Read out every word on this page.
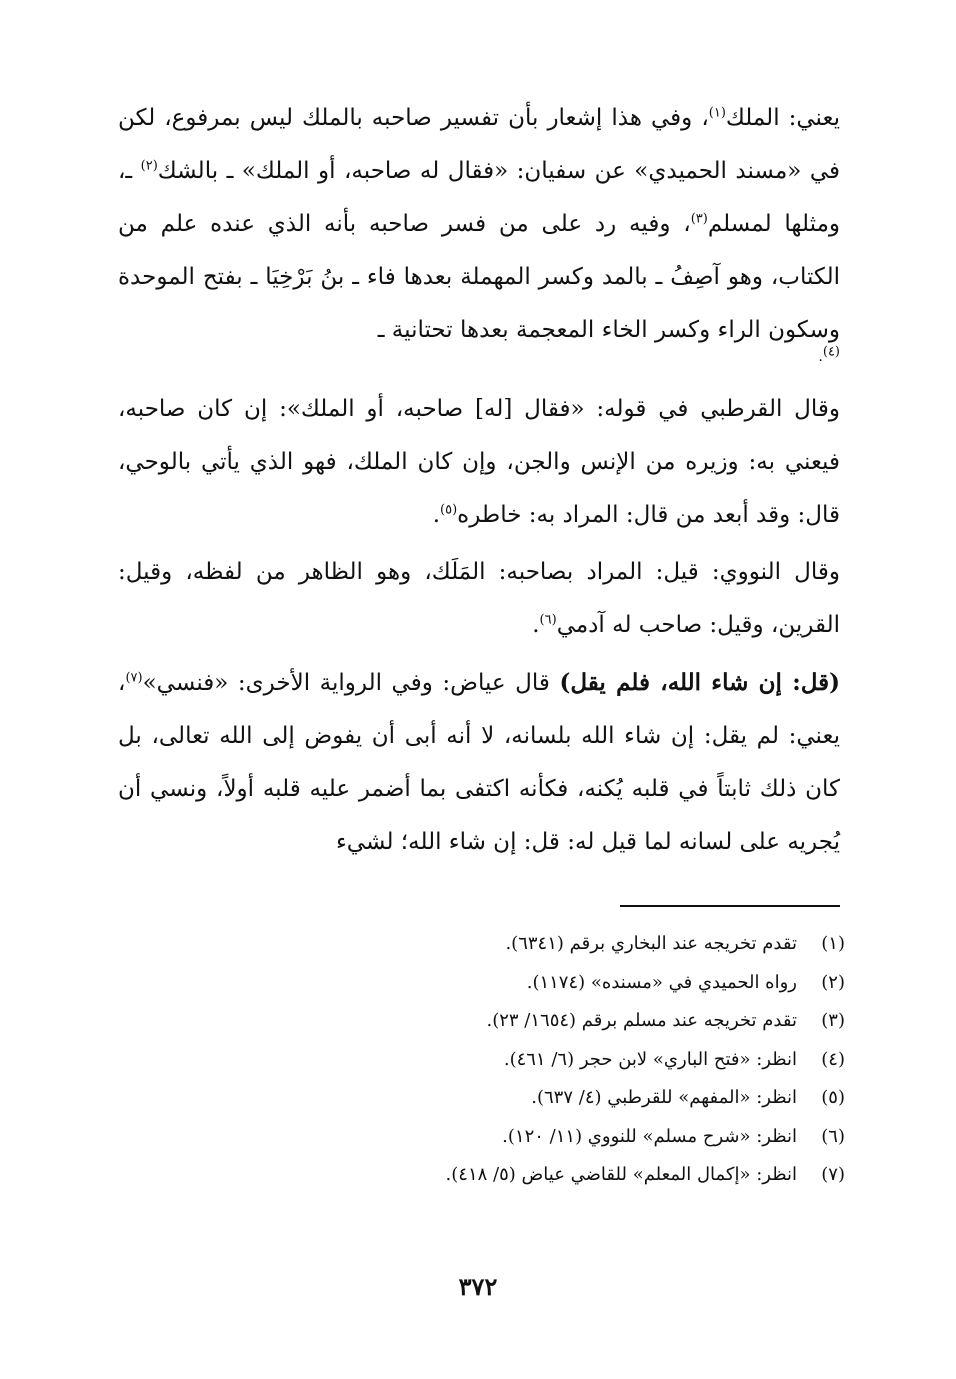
يعني: الملك$^{(١)}$، وفي هذا إشعار بأن تفسير صاحبه بالملك ليس بمرفوع، لكن في «مسند الحميدي» عن سفيان: «فقال له صاحبه، أو الملك» ـ بالشك$^{(٢)}$ ـ، ومثلها لمسلم$^{(٣)}$، وفيه رد على من فسر صاحبه بأنه الذي عنده علم من الكتاب، وهو آصِفُ ـ بالمد وكسر المهملة بعدها فاء ـ بنُ بَرْخِيَا ـ بفتح الموحدة وسكون الراء وكسر الخاء المعجمة بعدها تحتانية ـ

$^{(٤)}$.

وقال القرطبي في قوله: «فقال [له] صاحبه، أو الملك»: إن كان صاحبه، فيعني به: وزيره من الإنس والجن، وإن كان الملك، فهو الذي يأتي بالوحي، قال: وقد أبعد من قال: المراد به: خاطره$^{(٥)}$.

وقال النووي: قيل: المراد بصاحبه: المَلَك، وهو الظاهر من لفظه، وقيل: القرين، وقيل: صاحب له آدمي$^{(٦)}$.

(قل: إن شاء الله، فلم يقل) قال عياض: وفي الرواية الأخرى: «فنسي»$^{(٧)}$، يعني: لم يقل: إن شاء الله بلسانه، لا أنه أبى أن يفوض إلى الله تعالى، بل كان ذلك ثابتاً في قلبه يُكنه، فكأنه اكتفى بما أضمر عليه قلبه أولاً، ونسي أن يُجريه على لسانه لما قيل له: قل: إن شاء الله؛ لشيء

(١)
تقدم تخريجه عند البخاري برقم (٦٣٤١).
(٢)
رواه الحميدي في «مسنده» (١١٧٤).
(٣)
تقدم تخريجه عند مسلم برقم (١٦٥٤/ ٢٣).
(٤)
انظر: «فتح الباري» لابن حجر (٦/ ٤٦١).
(٥)
انظر: «المفهم» للقرطبي (٤/ ٦٣٧).
(٦)
انظر: «شرح مسلم» للنووي (١١/ ١٢٠).
(٧)
انظر: «إكمال المعلم» للقاضي عياض (٥/ ٤١٨).
٣٧٢
